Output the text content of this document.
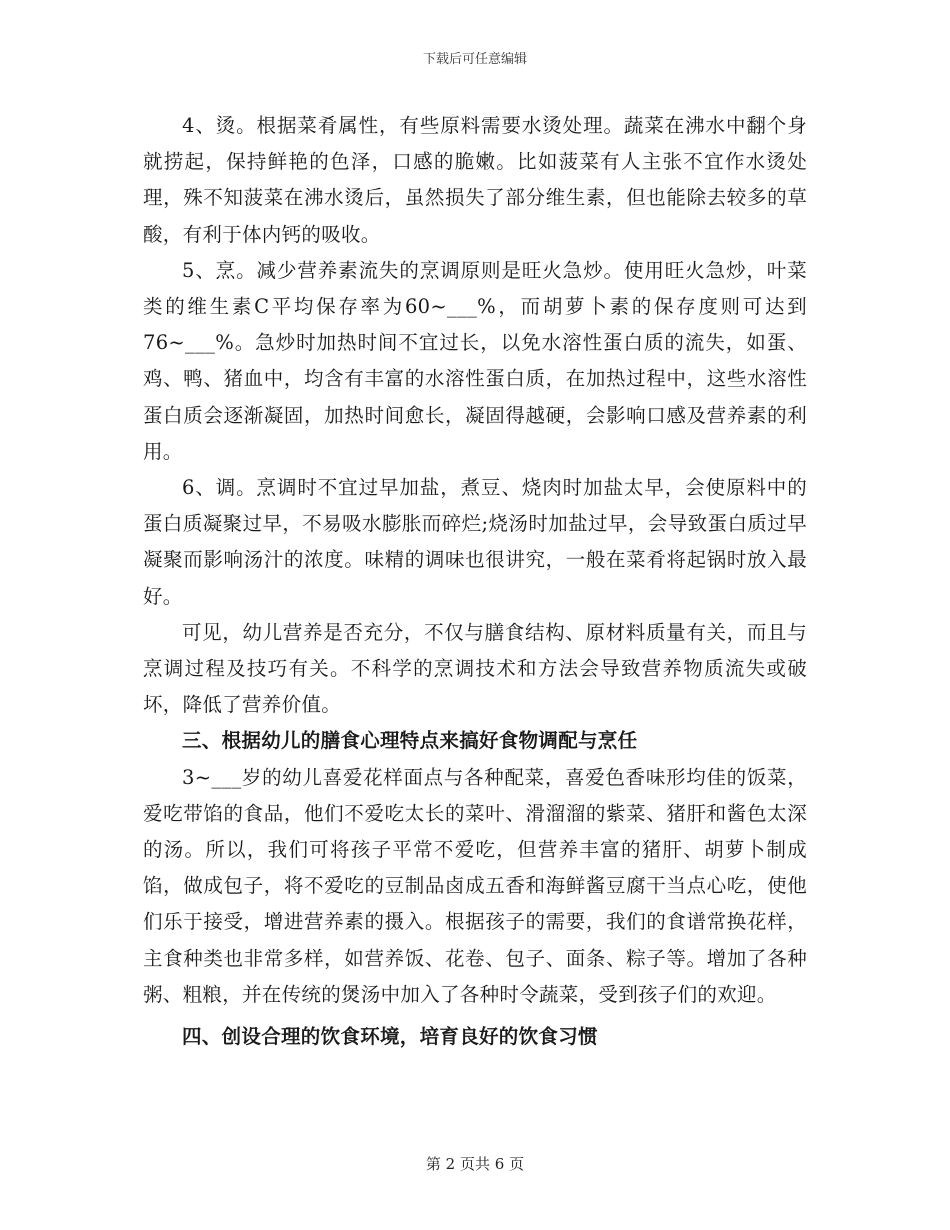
下载后可任意编辑

4、烫。根据菜肴属性，有些原料需要水烫处理。蔬菜在沸水中翻个身就捞起，保持鲜艳的色泽，口感的脆嫩。比如菠菜有人主张不宜作水烫处理，殊不知菠菜在沸水烫后，虽然损失了部分维生素，但也能除去较多的草酸，有利于体内钙的吸收。

5、烹。减少营养素流失的烹调原则是旺火急炒。使用旺火急炒，叶菜类的维生素C平均保存率为60~___%，而胡萝卜素的保存度则可达到76~___%。急炒时加热时间不宜过长，以免水溶性蛋白质的流失，如蛋、鸡、鸭、猪血中，均含有丰富的水溶性蛋白质，在加热过程中，这些水溶性蛋白质会逐渐凝固，加热时间愈长，凝固得越硬，会影响口感及营养素的利用。

6、调。烹调时不宜过早加盐，煮豆、烧肉时加盐太早，会使原料中的蛋白质凝聚过早，不易吸水膨胀而碎烂;烧汤时加盐过早，会导致蛋白质过早凝聚而影响汤汁的浓度。味精的调味也很讲究，一般在菜肴将起锅时放入最好。

可见，幼儿营养是否充分，不仅与膳食结构、原材料质量有关，而且与烹调过程及技巧有关。不科学的烹调技术和方法会导致营养物质流失或破坏，降低了营养价值。

三、根据幼儿的膳食心理特点来搞好食物调配与烹任

3~___岁的幼儿喜爱花样面点与各种配菜，喜爱色香味形均佳的饭菜，爱吃带馅的食品，他们不爱吃太长的菜叶、滑溜溜的紫菜、猪肝和酱色太深的汤。所以，我们可将孩子平常不爱吃，但营养丰富的猪肝、胡萝卜制成馅，做成包子，将不爱吃的豆制品卤成五香和海鲜酱豆腐干当点心吃，使他们乐于接受，增进营养素的摄入。根据孩子的需要，我们的食谱常换花样，主食种类也非常多样，如营养饭、花卷、包子、面条、粽子等。增加了各种粥、粗粮，并在传统的煲汤中加入了各种时令蔬菜，受到孩子们的欢迎。

四、创设合理的饮食环境，培育良好的饮食习惯

第 2 页共 6 页
